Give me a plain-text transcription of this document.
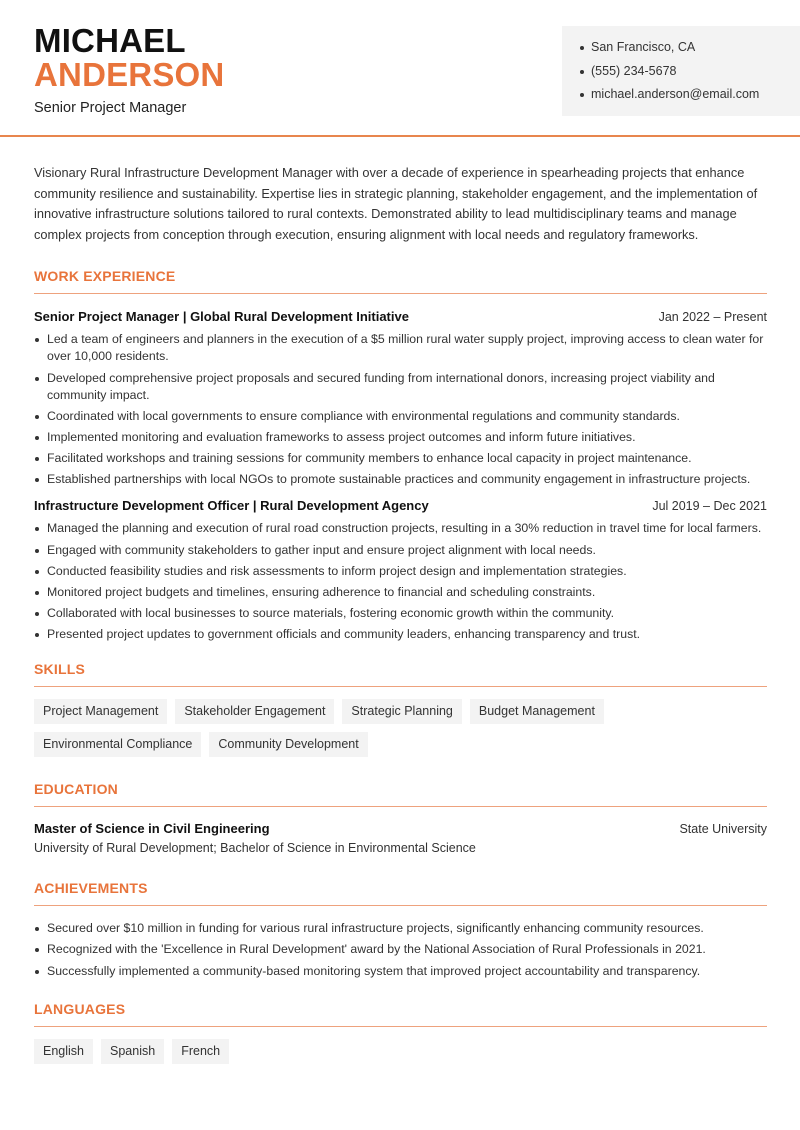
MICHAEL
ANDERSON
Senior Project Manager
San Francisco, CA
(555) 234-5678
michael.anderson@email.com

Visionary Rural Infrastructure Development Manager with over a decade of experience in spearheading projects that enhance community resilience and sustainability. Expertise lies in strategic planning, stakeholder engagement, and the implementation of innovative infrastructure solutions tailored to rural contexts. Demonstrated ability to lead multidisciplinary teams and manage complex projects from conception through execution, ensuring alignment with local needs and regulatory frameworks.

WORK EXPERIENCE
Senior Project Manager | Global Rural Development Initiative	Jan 2022 – Present
Led a team of engineers and planners in the execution of a $5 million rural water supply project, improving access to clean water for over 10,000 residents.
Developed comprehensive project proposals and secured funding from international donors, increasing project viability and community impact.
Coordinated with local governments to ensure compliance with environmental regulations and community standards.
Implemented monitoring and evaluation frameworks to assess project outcomes and inform future initiatives.
Facilitated workshops and training sessions for community members to enhance local capacity in project maintenance.
Established partnerships with local NGOs to promote sustainable practices and community engagement in infrastructure projects.
Infrastructure Development Officer | Rural Development Agency	Jul 2019 – Dec 2021
Managed the planning and execution of rural road construction projects, resulting in a 30% reduction in travel time for local farmers.
Engaged with community stakeholders to gather input and ensure project alignment with local needs.
Conducted feasibility studies and risk assessments to inform project design and implementation strategies.
Monitored project budgets and timelines, ensuring adherence to financial and scheduling constraints.
Collaborated with local businesses to source materials, fostering economic growth within the community.
Presented project updates to government officials and community leaders, enhancing transparency and trust.
SKILLS
Project Management	Stakeholder Engagement	Strategic Planning	Budget Management
Environmental Compliance	Community Development
EDUCATION
Master of Science in Civil Engineering	State University
University of Rural Development; Bachelor of Science in Environmental Science
ACHIEVEMENTS
Secured over $10 million in funding for various rural infrastructure projects, significantly enhancing community resources.
Recognized with the 'Excellence in Rural Development' award by the National Association of Rural Professionals in 2021.
Successfully implemented a community-based monitoring system that improved project accountability and transparency.
LANGUAGES
English	Spanish	French
